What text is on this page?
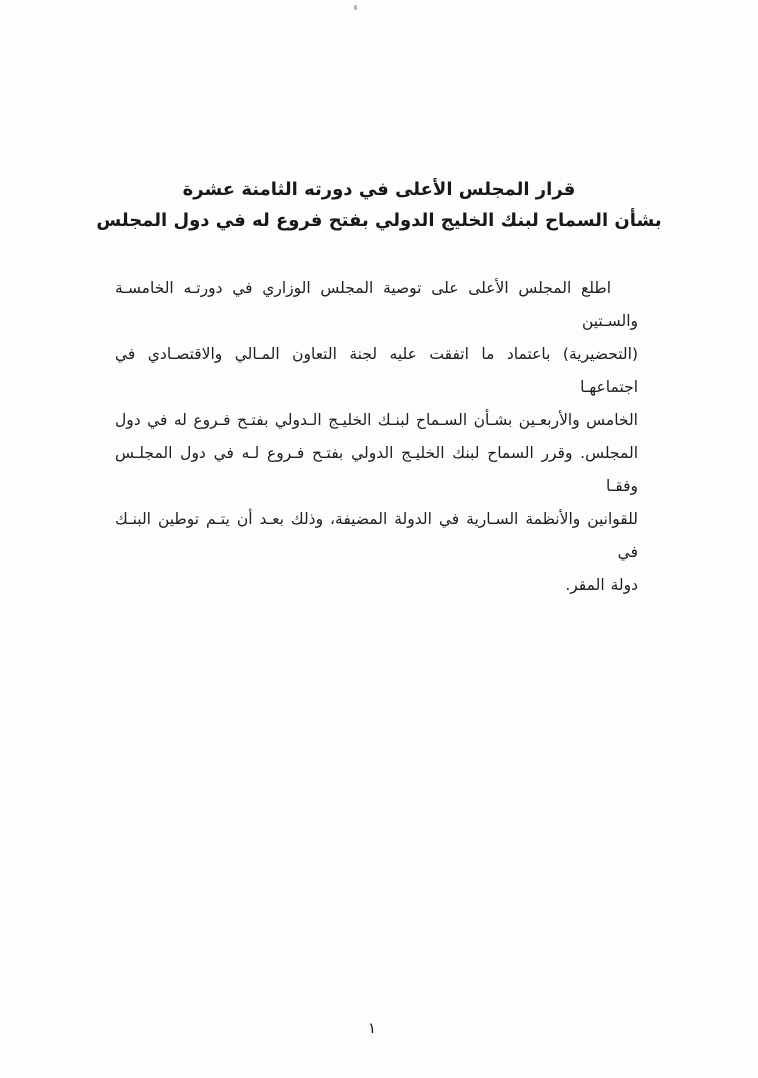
قرار المجلس الأعلى في دورته الثامنة عشرة
بشأن السماح لبنك الخليج الدولي بفتح فروع له في دول المجلس
اطلع المجلس الأعلى على توصية المجلس الوزاري في دورتـه الخامسـة والسـتين
(التحضيرية) باعتماد ما اتفقت عليه لجنة التعاون المـالي والاقتصـادي في اجتماعهـا
الخامس والأربعـين بشـأن السـماح لبنـك الخليـج الـدولي بفتـح فـروع له في دول
المجلس. وقرر السماح لبنك الخليـج الدولي بفتـح فـروع لـه في دول المجلـس وفقـا
للقوانين والأنظمة السـارية في الدولة المضيفة، وذلك بعـد أن يتـم توطين البنـك في
دولة المقر.
١
